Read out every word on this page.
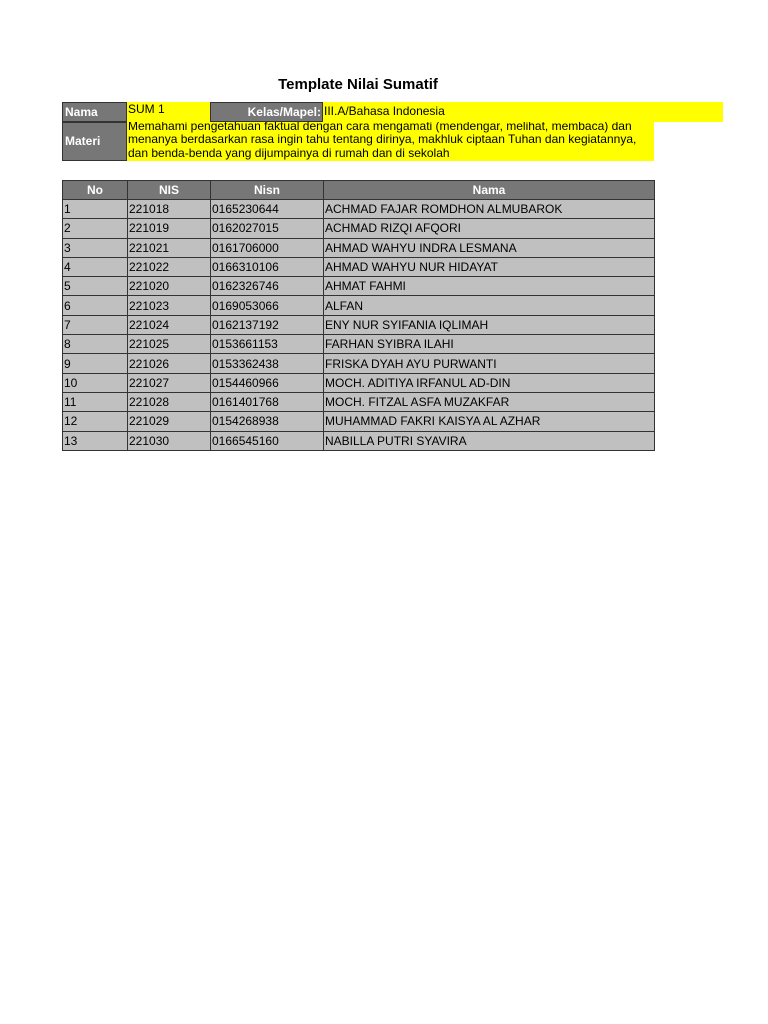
Template Nilai Sumatif
Nama	SUM 1	Kelas/Mapel: III.A/Bahasa Indonesia
Materi
Memahami pengetahuan faktual dengan cara mengamati (mendengar, melihat, membaca) dan menanya berdasarkan rasa ingin tahu tentang dirinya, makhluk ciptaan Tuhan dan kegiatannya, dan benda-benda yang dijumpainya di rumah dan di sekolah
No	NIS	Nisn	Nama
1	221018	0165230644	ACHMAD FAJAR ROMDHON ALMUBAROK
2	221019	0162027015	ACHMAD RIZQI AFQORI
3	221021	0161706000	AHMAD WAHYU INDRA LESMANA
4	221022	0166310106	AHMAD WAHYU NUR HIDAYAT
5	221020	0162326746	AHMAT FAHMI
6	221023	0169053066	ALFAN
7	221024	0162137192	ENY NUR SYIFANIA IQLIMAH
8	221025	0153661153	FARHAN SYIBRA ILAHI
9	221026	0153362438	FRISKA DYAH AYU PURWANTI
10	221027	0154460966	MOCH. ADITIYA IRFANUL AD-DIN
11	221028	0161401768	MOCH. FITZAL ASFA MUZAKFAR
12	221029	0154268938	MUHAMMAD FAKRI KAISYA AL AZHAR
13	221030	0166545160	NABILLA PUTRI SYAVIRA
